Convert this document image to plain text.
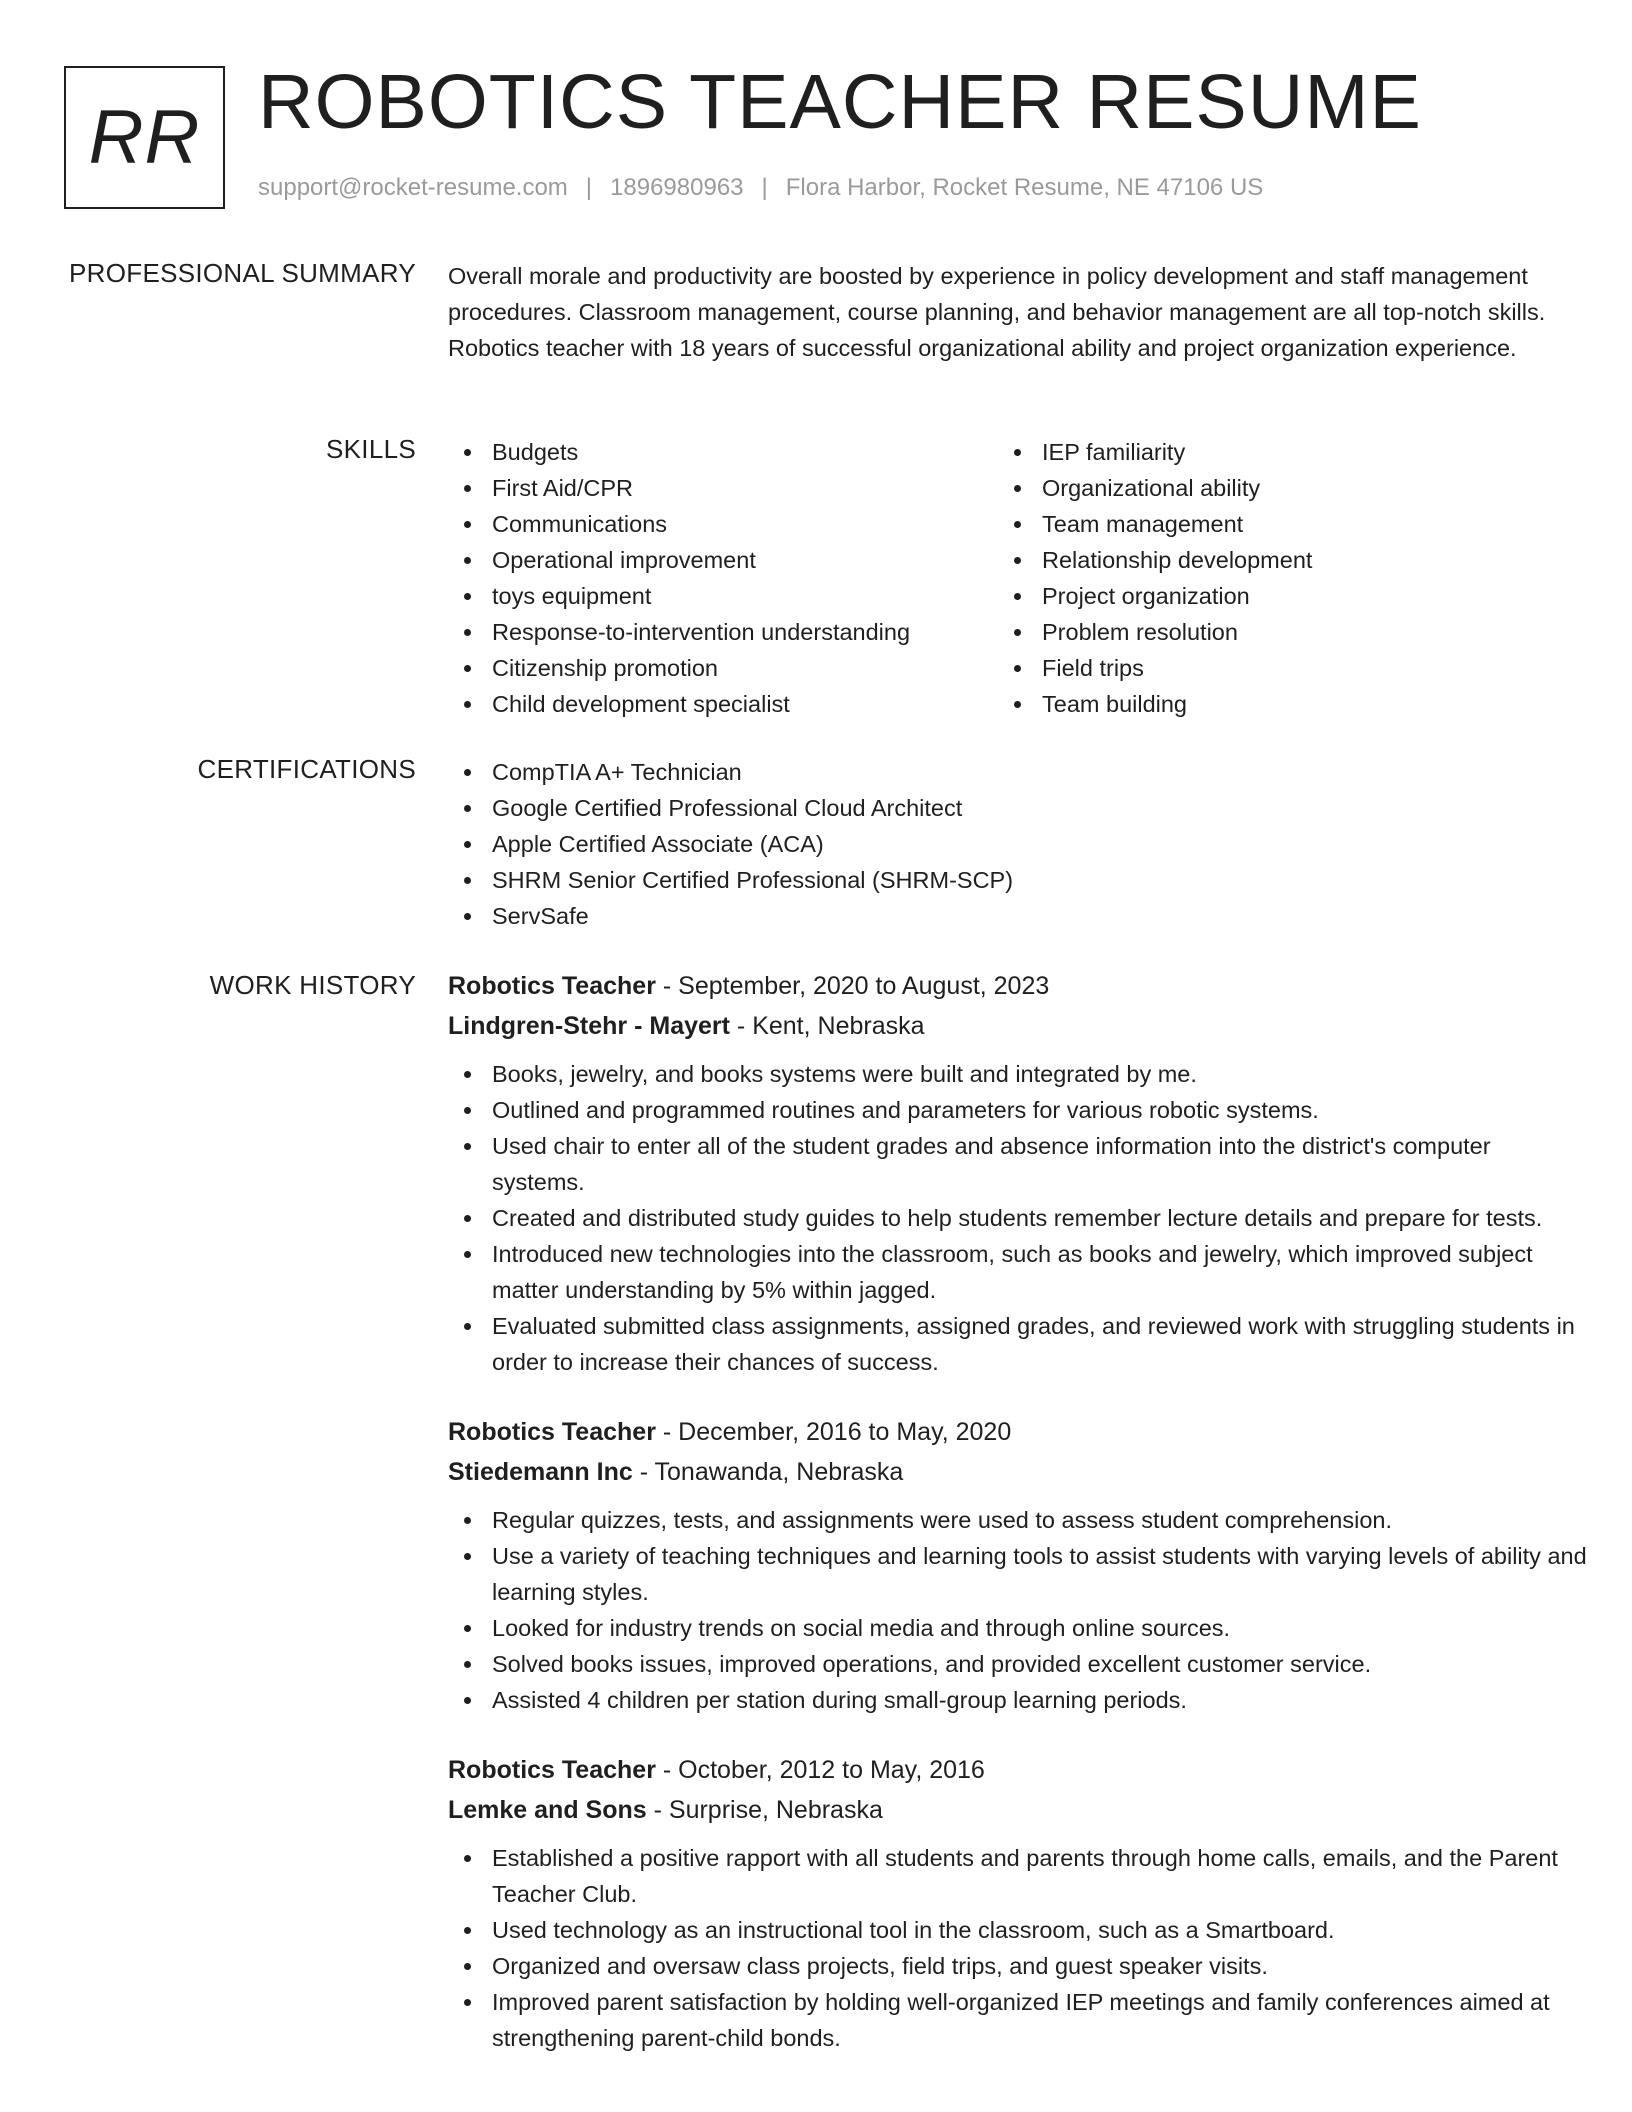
RR ROBOTICS TEACHER RESUME
support@rocket-resume.com | 1896980963 | Flora Harbor, Rocket Resume, NE 47106 US
PROFESSIONAL SUMMARY Overall morale and productivity are boosted by experience in policy development and staff management procedures. Classroom management, course planning, and behavior management are all top-notch skills. Robotics teacher with 18 years of successful organizational ability and project organization experience.

SKILLS	Budgets
First Aid/CPR
Communications
Operational improvement
toys equipment
Response-to-intervention understanding
Citizenship promotion
Child development specialist
IEP familiarity
Organizational ability
Team management
Relationship development
Project organization
Problem resolution
Field trips
Team building
CERTIFICATIONS	CompTIA A+ Technician
Google Certified Professional Cloud Architect
Apple Certified Associate (ACA)
SHRM Senior Certified Professional (SHRM-SCP)
ServSafe
WORK HISTORY Robotics Teacher - September, 2020 to August, 2023
Lindgren-Stehr - Mayert - Kent, Nebraska
Books, jewelry, and books systems were built and integrated by me.
Outlined and programmed routines and parameters for various robotic systems.
Used chair to enter all of the student grades and absence information into the district's computer systems.
Created and distributed study guides to help students remember lecture details and prepare for tests.
Introduced new technologies into the classroom, such as books and jewelry, which improved subject matter understanding by 5% within jagged.
Evaluated submitted class assignments, assigned grades, and reviewed work with struggling students in order to increase their chances of success.
Robotics Teacher - December, 2016 to May, 2020
Stiedemann Inc - Tonawanda, Nebraska
Regular quizzes, tests, and assignments were used to assess student comprehension.
Use a variety of teaching techniques and learning tools to assist students with varying levels of ability and learning styles.
Looked for industry trends on social media and through online sources.
Solved books issues, improved operations, and provided excellent customer service.
Assisted 4 children per station during small-group learning periods.
Robotics Teacher - October, 2012 to May, 2016
Lemke and Sons - Surprise, Nebraska
Established a positive rapport with all students and parents through home calls, emails, and the Parent Teacher Club.
Used technology as an instructional tool in the classroom, such as a Smartboard.
Organized and oversaw class projects, field trips, and guest speaker visits.
Improved parent satisfaction by holding well-organized IEP meetings and family conferences aimed at strengthening parent-child bonds.
